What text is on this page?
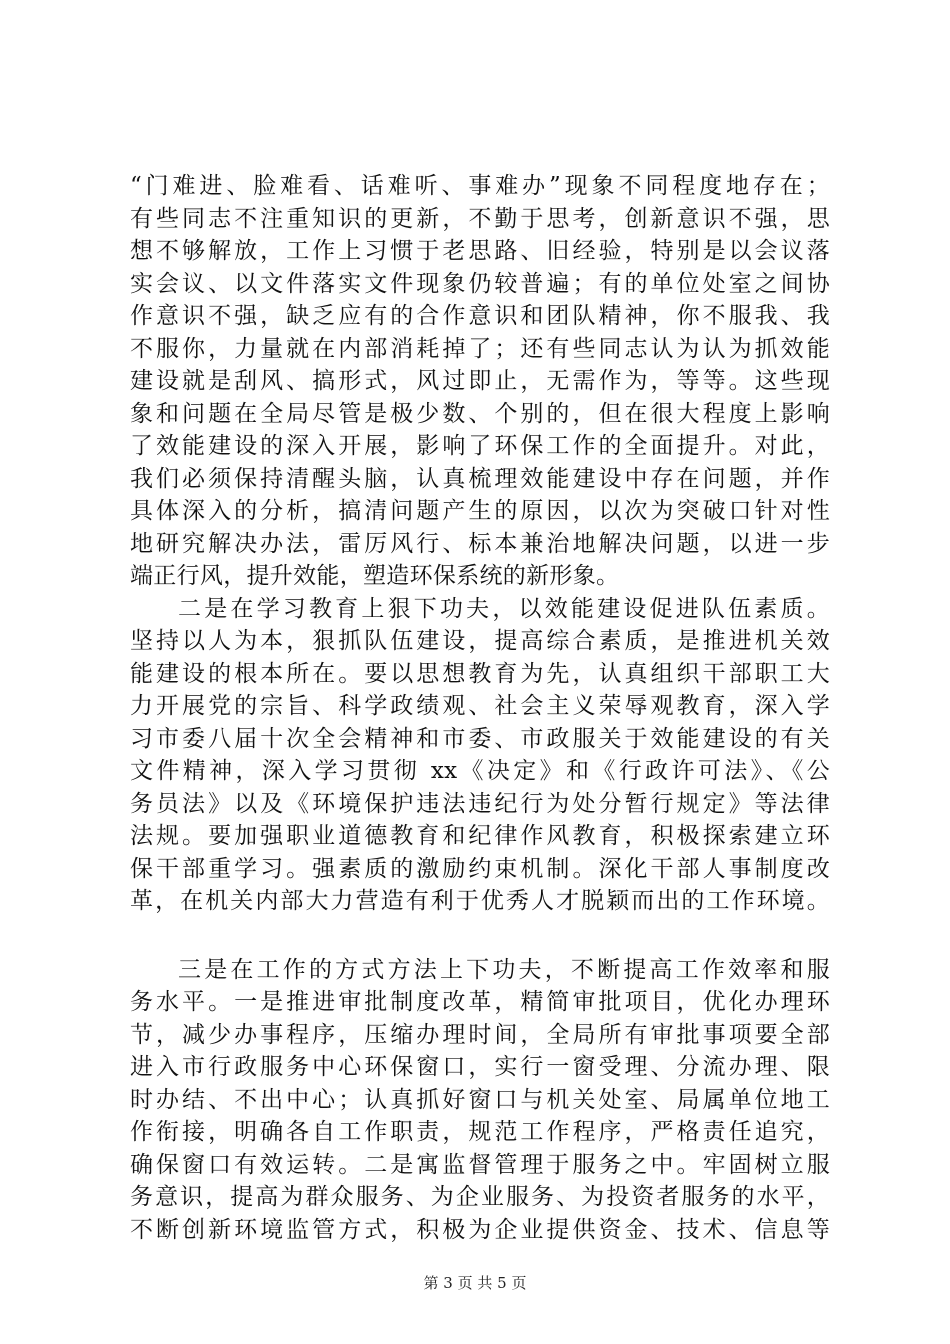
“门难进、脸难看、话难听、事难办”现象不同程度地存在；
有些同志不注重知识的更新，不勤于思考，创新意识不强，思
想不够解放，工作上习惯于老思路、旧经验，特别是以会议落
实会议、以文件落实文件现象仍较普遍；有的单位处室之间协
作意识不强，缺乏应有的合作意识和团队精神，你不服我、我
不服你，力量就在内部消耗掉了；还有些同志认为认为抓效能
建设就是刮风、搞形式，风过即止，无需作为，等等。这些现
象和问题在全局尽管是极少数、个别的，但在很大程度上影响
了效能建设的深入开展，影响了环保工作的全面提升。对此，
我们必须保持清醒头脑，认真梳理效能建设中存在问题，并作
具体深入的分析，搞清问题产生的原因，以次为突破口针对性
地研究解决办法，雷厉风行、标本兼治地解决问题，以进一步
端正行风，提升效能，塑造环保系统的新形象。
二是在学习教育上狠下功夫，以效能建设促进队伍素质。
坚持以人为本，狠抓队伍建设，提高综合素质，是推进机关效
能建设的根本所在。要以思想教育为先，认真组织干部职工大
力开展党的宗旨、科学政绩观、社会主义荣辱观教育，深入学
习市委八届十次全会精神和市委、市政服关于效能建设的有关
文件精神，深入学习贯彻 xx《决定》和《行政许可法》、《公
务员法》以及《环境保护违法违纪行为处分暂行规定》等法律
法规。要加强职业道德教育和纪律作风教育，积极探索建立环
保干部重学习。强素质的激励约束机制。深化干部人事制度改
革，在机关内部大力营造有利于优秀人才脱颖而出的工作环境。
三是在工作的方式方法上下功夫，不断提高工作效率和服
务水平。一是推进审批制度改革，精简审批项目，优化办理环
节，减少办事程序，压缩办理时间，全局所有审批事项要全部
进入市行政服务中心环保窗口，实行一窗受理、分流办理、限
时办结、不出中心；认真抓好窗口与机关处室、局属单位地工
作衔接，明确各自工作职责，规范工作程序，严格责任追究，
确保窗口有效运转。二是寓监督管理于服务之中。牢固树立服
务意识，提高为群众服务、为企业服务、为投资者服务的水平，
不断创新环境监管方式，积极为企业提供资金、技术、信息等
第 3 页 共 5 页
